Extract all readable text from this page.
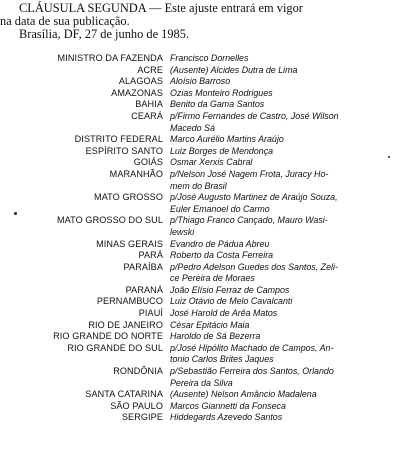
CLÁUSULA SEGUNDA — Este ajuste entrará em vigor
na data de sua publicação.
Brasília, DF, 27 de junho de 1985.
MINISTRO DA FAZENDA Francisco Dornelles
ACRE (Ausente) Alcides Dutra de Lima
ALAGOAS Aloísio Barroso
AMAZONAS Ozias Monteiro Rodrigues
BAHIA Benito da Gama Santos
CEARÁ p/Firmo Fernandes de Castro, José Wilson
Macedo Sá
DISTRITO FEDERAL Marco Aurélio Martins Araújo
ESPÍRITO SANTO Luiz Borges de Mendonça
GOIÁS Osmar Xerxis Cabral
MARANHÃO p/Nelson José Nagem Frota, Juracy Ho-
mem do Brasil
MATO GROSSO p/José Augusto Martinez de Araújo Souza,
Euler Emanoel do Carmo
MATO GROSSO DO SUL p/Thiago Franco Cançado, Mauro Wasi-
lewski
MINAS GERAIS Evandro de Pádua Abreu
PARÁ Roberto da Costa Ferreira
PARAÍBA p/Pedro Adelson Guedes dos Santos, Zeli-
ce Pereira de Moraes
PARANÁ João Elísio Ferraz de Campos
PERNAMBUCO Luiz Otávio de Melo Cavalcanti
PIAUÍ José Harold de Arêa Matos
RIO DE JANEIRO César Epitácio Maia
RIO GRANDE DO NORTE Haroldo de Sá Bezerra
RIO GRANDE DO SUL p/José Hipólito Machado de Campos, An-
tonio Carlos Brites Jaques
RONDÔNIA p/Sebastião Ferreira dos Santos, Orlando
Pereira da Silva
SANTA CATARINA (Ausente) Nelson Amâncio Madalena
SÃO PAULO Marcos Giannetti da Fonseca
SERGIPE Hiddegards Azevedo Santos
